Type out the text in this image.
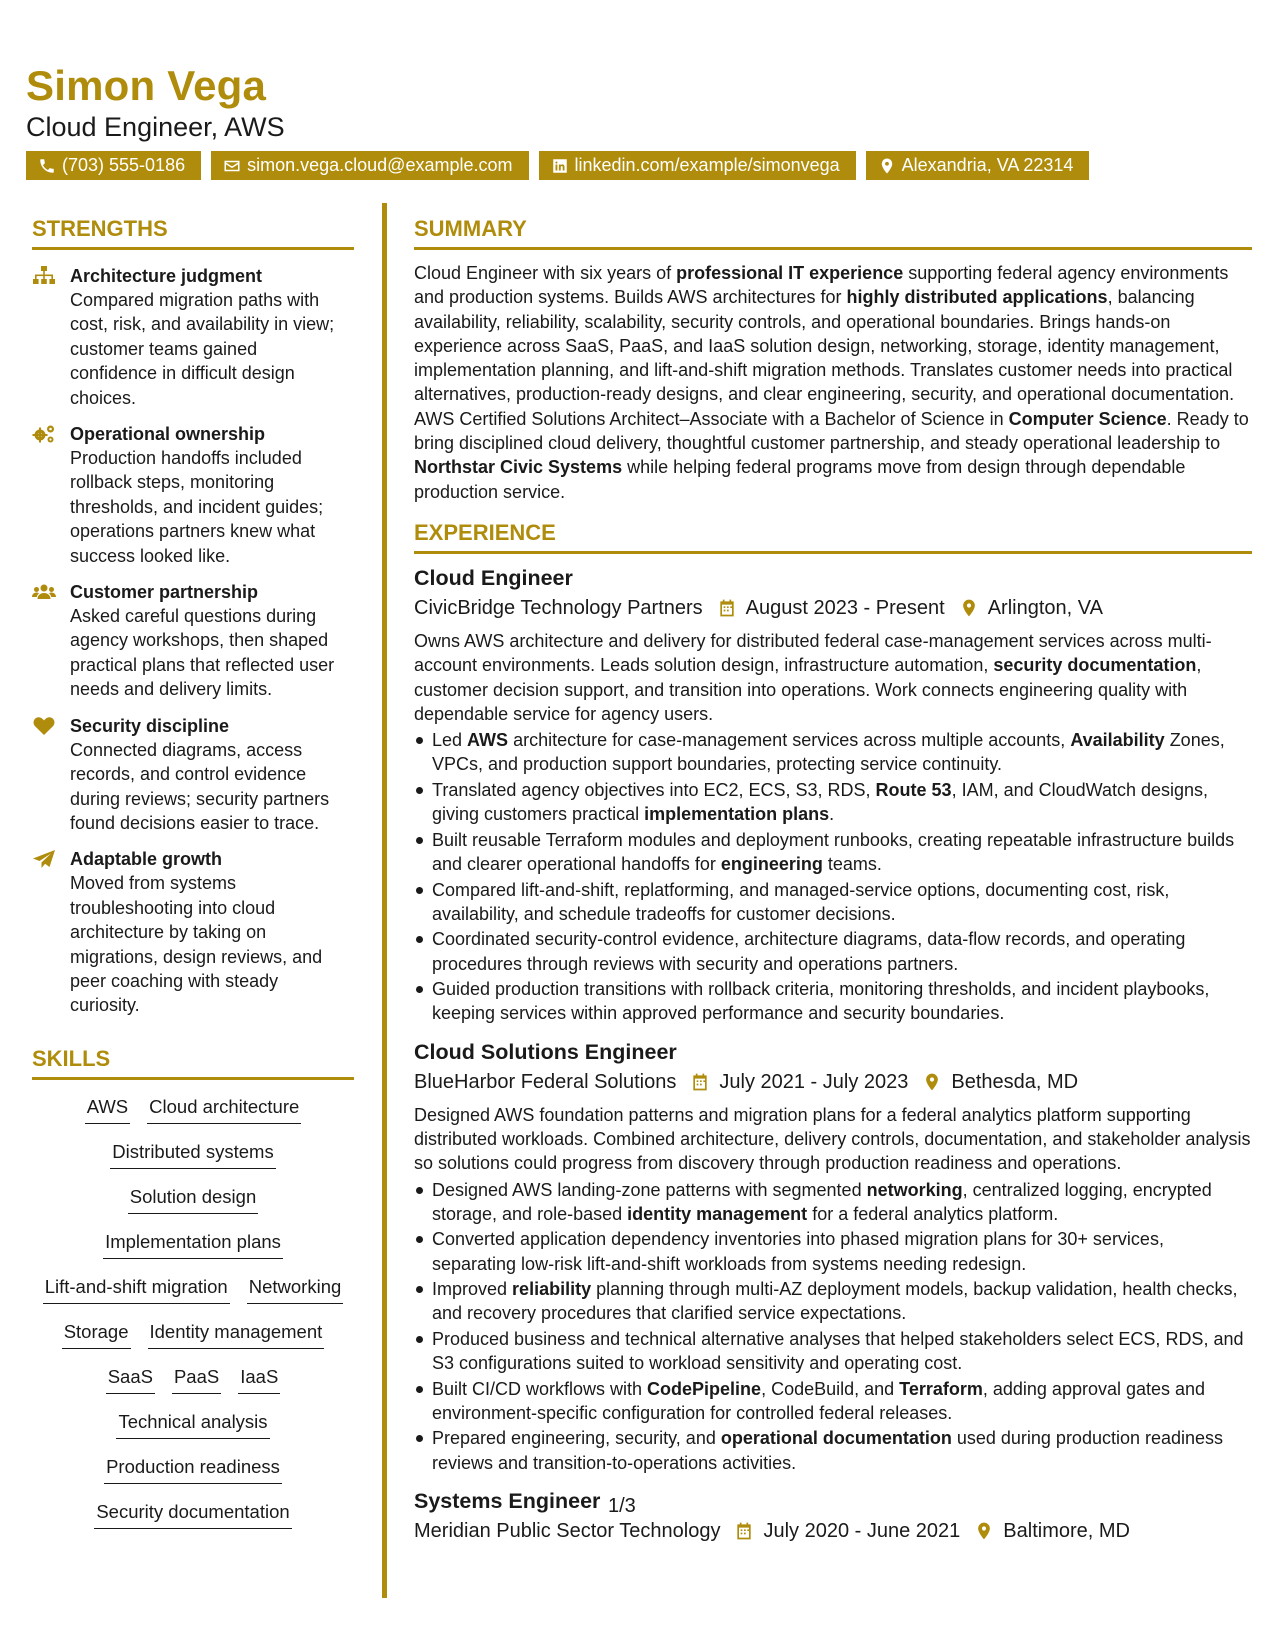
Simon Vega
Cloud Engineer, AWS
(703) 555-0186	simon.vega.cloud@example.com	linkedin.com/example/simonvega	Alexandria, VA 22314
STRENGTHS
Architecture judgment
Compared migration paths with
cost, risk, and availability in view;
customer teams gained
confidence in difficult design
choices.
Operational ownership
Production handoffs included
rollback steps, monitoring
thresholds, and incident guides;
operations partners knew what
success looked like.
Customer partnership
Asked careful questions during
agency workshops, then shaped
practical plans that reflected user
needs and delivery limits.
Security discipline
Connected diagrams, access
records, and control evidence
during reviews; security partners
found decisions easier to trace.
Adaptable growth
Moved from systems
troubleshooting into cloud
architecture by taking on
migrations, design reviews, and
peer coaching with steady
curiosity.
SKILLS
AWS Cloud architecture
Distributed systems
Solution design
Implementation plans
Lift-and-shift migration Networking
Storage Identity management
SaaS PaaS IaaS
Technical analysis
Production readiness
Security documentation
SUMMARY
Cloud Engineer with six years of professional IT experience supporting federal agency environments and production systems. Builds AWS architectures for highly distributed applications, balancing availability, reliability, scalability, security controls, and operational boundaries. Brings hands-on experience across SaaS, PaaS, and IaaS solution design, networking, storage, identity management, implementation planning, and lift-and-shift migration methods. Translates customer needs into practical alternatives, production-ready designs, and clear engineering, security, and operational documentation. AWS Certified Solutions Architect–Associate with a Bachelor of Science in Computer Science. Ready to bring disciplined cloud delivery, thoughtful customer partnership, and steady operational leadership to Northstar Civic Systems while helping federal programs move from design through dependable production service.
EXPERIENCE
Cloud Engineer
CivicBridge Technology Partners August 2023 - Present Arlington, VA
Owns AWS architecture and delivery for distributed federal case-management services across multi-account environments. Leads solution design, infrastructure automation, security documentation, customer decision support, and transition into operations. Work connects engineering quality with dependable service for agency users.
Led AWS architecture for case-management services across multiple accounts, Availability Zones, VPCs, and production support boundaries, protecting service continuity.
Translated agency objectives into EC2, ECS, S3, RDS, Route 53, IAM, and CloudWatch designs, giving customers practical implementation plans.
Built reusable Terraform modules and deployment runbooks, creating repeatable infrastructure builds and clearer operational handoffs for engineering teams.
Compared lift-and-shift, replatforming, and managed-service options, documenting cost, risk, availability, and schedule tradeoffs for customer decisions.
Coordinated security-control evidence, architecture diagrams, data-flow records, and operating procedures through reviews with security and operations partners.
Guided production transitions with rollback criteria, monitoring thresholds, and incident playbooks, keeping services within approved performance and security boundaries.
Cloud Solutions Engineer
BlueHarbor Federal Solutions July 2021 - July 2023 Bethesda, MD
Designed AWS foundation patterns and migration plans for a federal analytics platform supporting distributed workloads. Combined architecture, delivery controls, documentation, and stakeholder analysis so solutions could progress from discovery through production readiness and operations.
Designed AWS landing-zone patterns with segmented networking, centralized logging, encrypted storage, and role-based identity management for a federal analytics platform.
Converted application dependency inventories into phased migration plans for 30+ services, separating low-risk lift-and-shift workloads from systems needing redesign.
Improved reliability planning through multi-AZ deployment models, backup validation, health checks, and recovery procedures that clarified service expectations.
Produced business and technical alternative analyses that helped stakeholders select ECS, RDS, and S3 configurations suited to workload sensitivity and operating cost.
Built CI/CD workflows with CodePipeline, CodeBuild, and Terraform, adding approval gates and environment-specific configuration for controlled federal releases.
Prepared engineering, security, and operational documentation used during production readiness reviews and transition-to-operations activities.
Systems Engineer
Meridian Public Sector Technology July 2020 - June 2021 Baltimore, MD
1/3
